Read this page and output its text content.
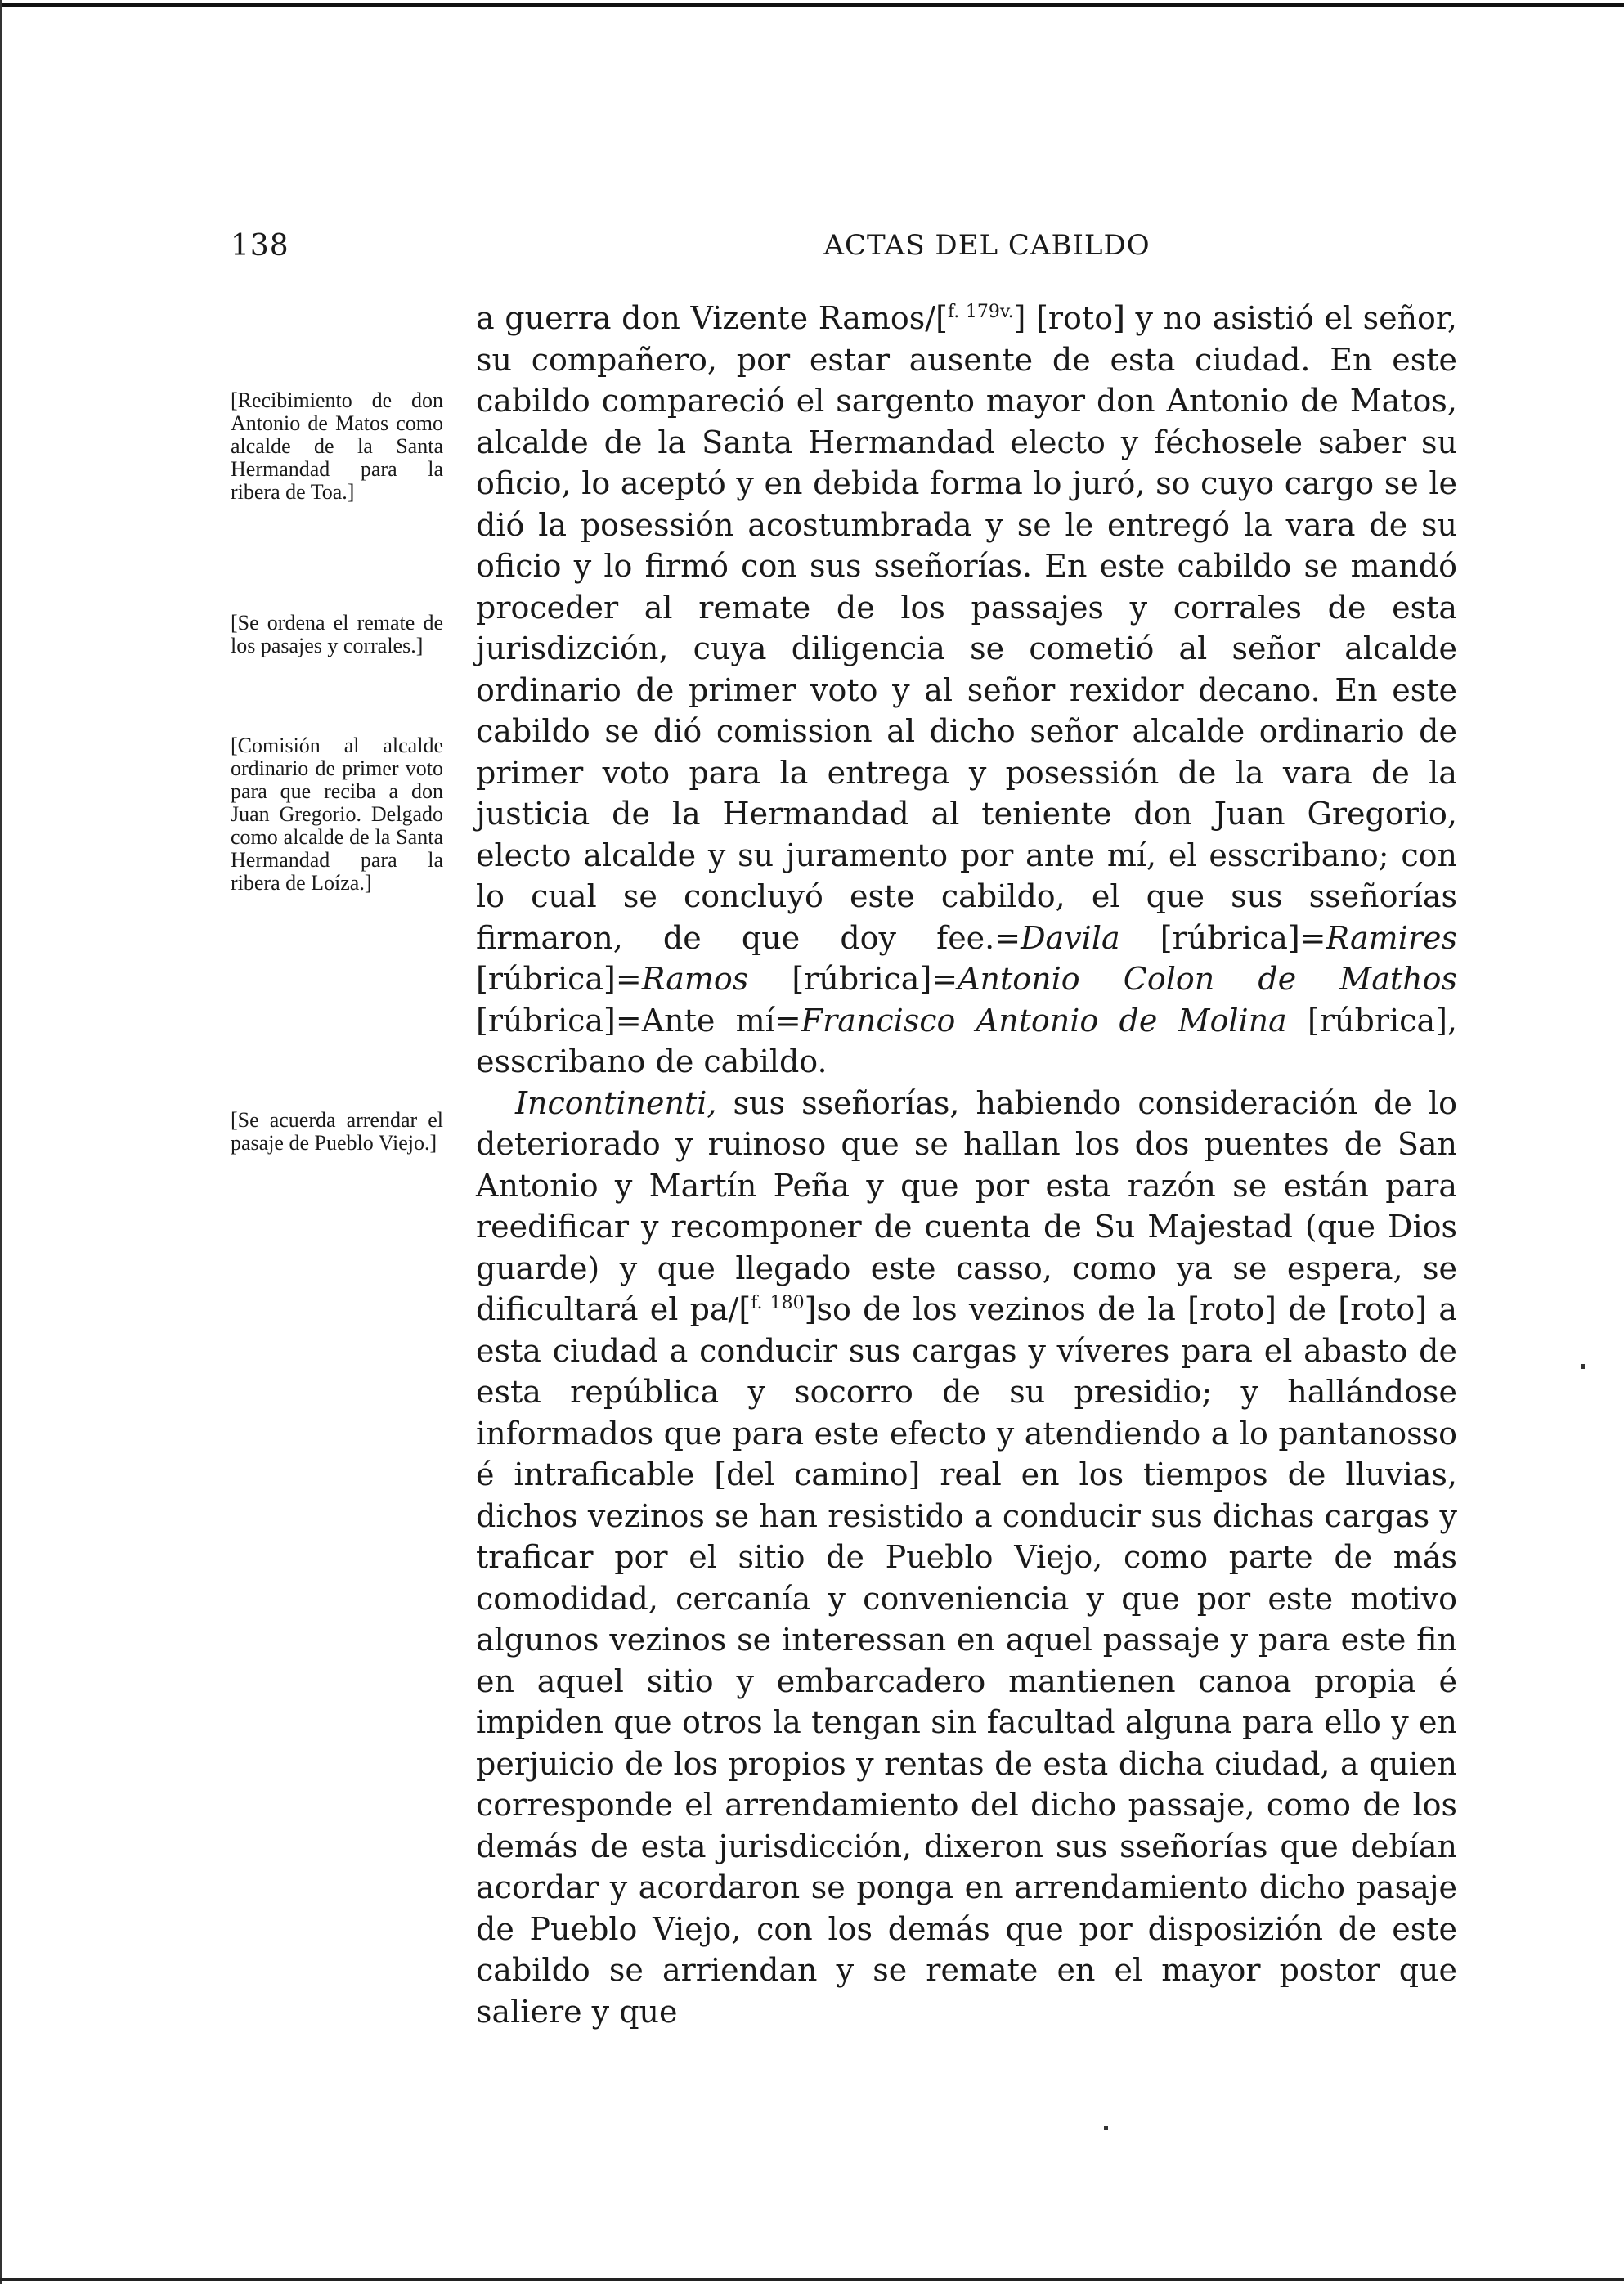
138	ACTAS DEL CABILDO
[Recibimiento de don Antonio de Matos como alcalde de la Santa Hermandad para la ribera de Toa.]
[Se ordena el remate de los pasajes y corrales.]
[Comisión al alcalde ordinario de primer voto para que reciba a don Juan Gregorio. Delgado como alcalde de la Santa Hermandad para la ribera de Loíza.]
[Se acuerda arrendar el pasaje de Pueblo Viejo.]

a guerra don Vizente Ramos/[$^{f. 179v.}$] [roto] y no asistió el señor, su compañero, por estar ausente de esta ciudad. En este cabildo compareció el sargento mayor don Antonio de Matos, alcalde de la Santa Hermandad electo y féchosele saber su oficio, lo aceptó y en debida forma lo juró, so cuyo cargo se le dió la posessión acostumbrada y se le entregó la vara de su oficio y lo firmó con sus sseñorías. En este cabildo se mandó proceder al remate de los passajes y corrales de esta jurisdizción, cuya diligencia se cometió al señor alcalde ordinario de primer voto y al señor rexidor decano. En este cabildo se dió comission al dicho señor alcalde ordinario de primer voto para la entrega y posessión de la vara de la justicia de la Hermandad al teniente don Juan Gregorio, electo alcalde y su juramento por ante mí, el esscribano; con lo cual se concluyó este cabildo, el que sus sseñorías firmaron, de que doy fee.=Davila [rúbrica]=Ramires [rúbrica]=Ramos [rúbrica]=Antonio Colon de Mathos [rúbrica]=Ante mí=Francisco Antonio de Molina [rúbrica], esscribano de cabildo.

Incontinenti, sus sseñorías, habiendo consideración de lo deteriorado y ruinoso que se hallan los dos puentes de San Antonio y Martín Peña y que por esta razón se están para reedificar y recomponer de cuenta de Su Majestad (que Dios guarde) y que llegado este casso, como ya se espera, se dificultará el pa/[$^{f. 180}$]so de los vezinos de la [roto] de [roto] a esta ciudad a conducir sus cargas y víveres para el abasto de esta república y socorro de su presidio; y hallándose informados que para este efecto y atendiendo a lo pantanosso é intraficable [del camino] real en los tiempos de lluvias, dichos vezinos se han resistido a conducir sus dichas cargas y traficar por el sitio de Pueblo Viejo, como parte de más comodidad, cercanía y conveniencia y que por este motivo algunos vezinos se interessan en aquel passaje y para este fin en aquel sitio y embarcadero mantienen canoa propia é impiden que otros la tengan sin facultad alguna para ello y en perjuicio de los propios y rentas de esta dicha ciudad, a quien corresponde el arrendamiento del dicho passaje, como de los demás de esta jurisdicción, dixeron sus sseñorías que debían acordar y acordaron se ponga en arrendamiento dicho pasaje de Pueblo Viejo, con los demás que por disposizión de este cabildo se arriendan y se remate en el mayor postor que saliere y que
